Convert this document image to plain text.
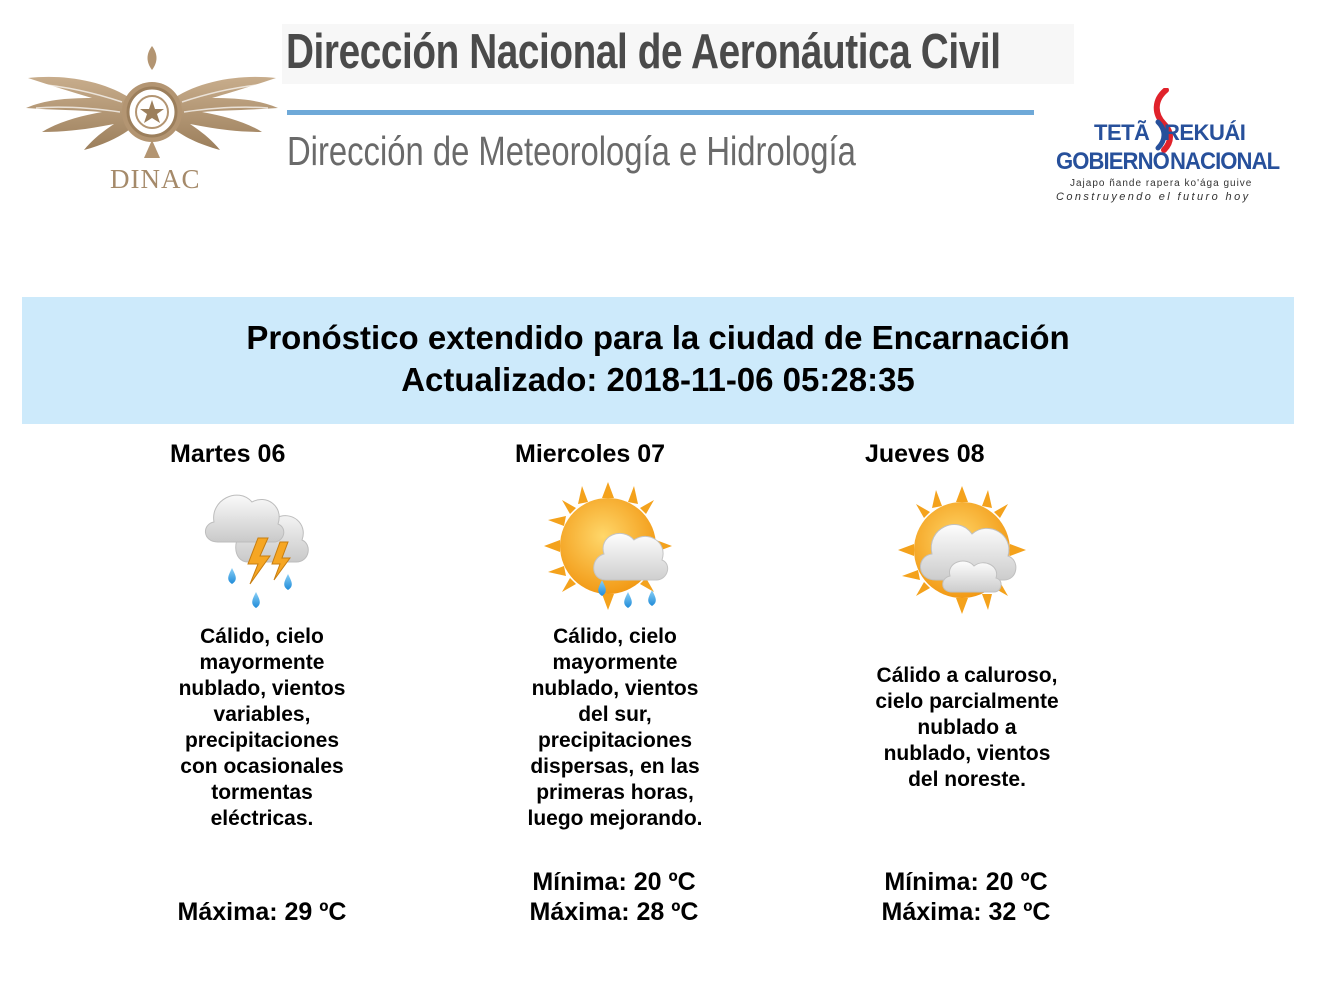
DINAC
Dirección Nacional de Aeronáutica Civil
Dirección de Meteorología e Hidrología	TETÃ REKUÁI
GOBIERNO NACIONAL
Jajapo ñande rapera ko'ága guive
Construyendo el futuro hoy
Pronóstico extendido para la ciudad de Encarnación
Actualizado: 2018-11-06 05:28:35
Martes 06
Cálido, cielo
mayormente
nublado, vientos
variables,
precipitaciones
con ocasionales
tormentas
eléctricas.
Máxima: 29 ºC
Miercoles 07
Cálido, cielo
mayormente
nublado, vientos
del sur,
precipitaciones
dispersas, en las
primeras horas,
luego mejorando.
Mínima: 20 ºC
Máxima: 28 ºC
Jueves 08
Cálido a caluroso,
cielo parcialmente
nublado a
nublado, vientos
del noreste.
Mínima: 20 ºC
Máxima: 32 ºC
